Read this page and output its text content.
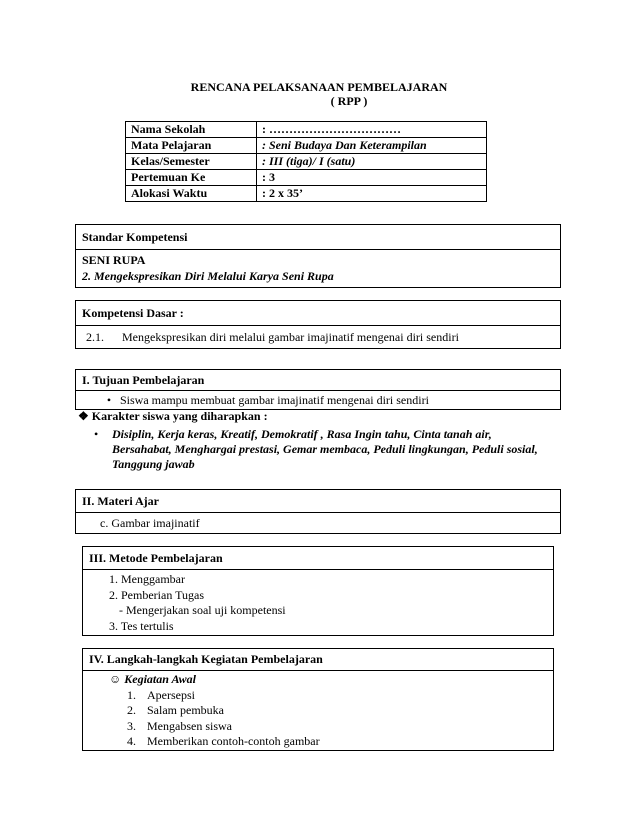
RENCANA PELAKSANAAN PEMBELAJARAN
( RPP )
Nama Sekolah	: ……………………………
Mata Pelajaran	: Seni Budaya Dan Keterampilan
Kelas/Semester	: III (tiga)/ I (satu)
Pertemuan Ke	: 3
Alokasi Waktu	: 2 x 35’
Standar Kompetensi
SENI RUPA
2. Mengekspresikan Diri Melalui Karya Seni Rupa
Kompetensi Dasar :
2.1. Mengekspresikan diri melalui gambar imajinatif mengenai diri sendiri
I. Tujuan Pembelajaran
• Siswa mampu membuat gambar imajinatif mengenai diri sendiri
❖ Karakter siswa yang diharapkan :
• Disiplin, Kerja keras, Kreatif, Demokratif , Rasa Ingin tahu, Cinta tanah air,
Bersahabat, Menghargai prestasi, Gemar membaca, Peduli lingkungan, Peduli sosial,
Tanggung jawab
II. Materi Ajar
c. Gambar imajinatif
III. Metode Pembelajaran
1. Menggambar
2. Pemberian Tugas
- Mengerjakan soal uji kompetensi
3. Tes tertulis
IV. Langkah-langkah Kegiatan Pembelajaran
☺ Kegiatan Awal
1. Apersepsi
2. Salam pembuka
3. Mengabsen siswa
4. Memberikan contoh-contoh gambar
